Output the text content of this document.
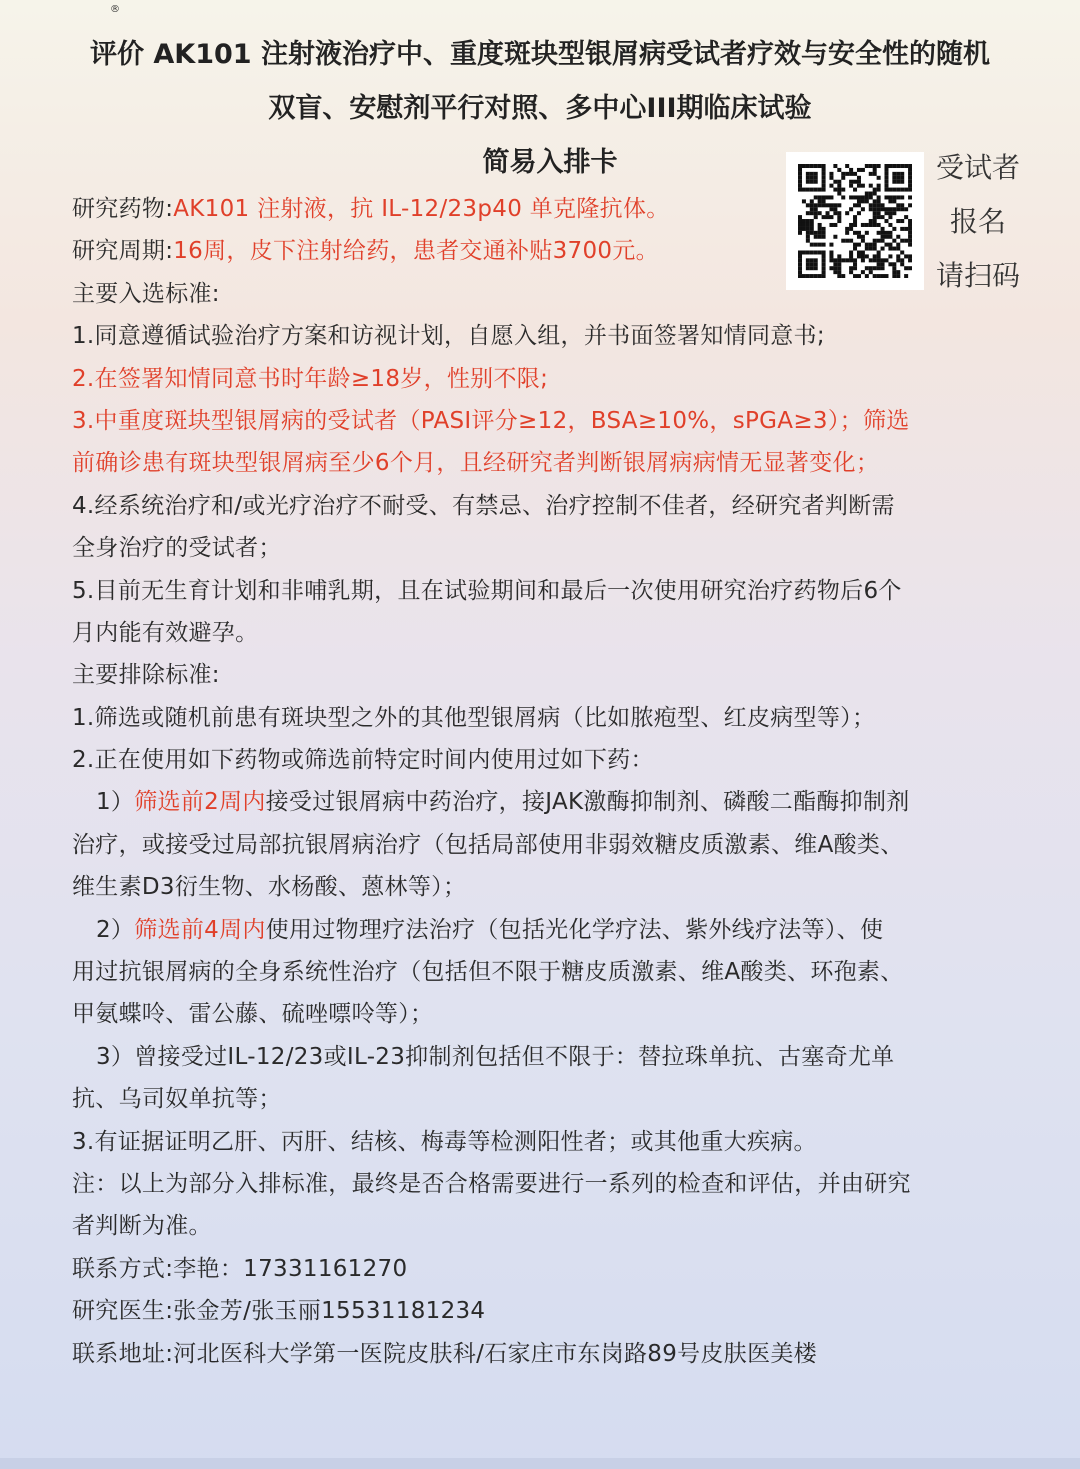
®
评价 AK101 注射液治疗中、重度斑块型银屑病受试者疗效与安全性的随机
双盲、安慰剂平行对照、多中心III期临床试验
简易入排卡	受试者
报名
请扫码
研究药物:AK101 注射液，抗 IL-12/23p40 单克隆抗体。
研究周期:16周，皮下注射给药，患者交通补贴3700元。
主要入选标准:
1.同意遵循试验治疗方案和访视计划，自愿入组，并书面签署知情同意书;
2.在签署知情同意书时年龄≥18岁，性别不限;
3.中重度斑块型银屑病的受试者（PASI评分≥12，BSA≥10%，sPGA≥3）；筛选
前确诊患有斑块型银屑病至少6个月，且经研究者判断银屑病病情无显著变化；
4.经系统治疗和/或光疗治疗不耐受、有禁忌、治疗控制不佳者，经研究者判断需
全身治疗的受试者；
5.目前无生育计划和非哺乳期，且在试验期间和最后一次使用研究治疗药物后6个
月内能有效避孕。
主要排除标准:
1.筛选或随机前患有斑块型之外的其他型银屑病（比如脓疱型、红皮病型等）；
2.正在使用如下药物或筛选前特定时间内使用过如下药：
1）筛选前2周内接受过银屑病中药治疗，接JAK激酶抑制剂、磷酸二酯酶抑制剂
治疗，或接受过局部抗银屑病治疗（包括局部使用非弱效糖皮质激素、维A酸类、
维生素D3衍生物、水杨酸、蒽林等）；
2）筛选前4周内使用过物理疗法治疗（包括光化学疗法、紫外线疗法等）、使
用过抗银屑病的全身系统性治疗（包括但不限于糖皮质激素、维A酸类、环孢素、
甲氨蝶呤、雷公藤、硫唑嘌呤等）；
3）曾接受过IL-12/23或IL-23抑制剂包括但不限于：替拉珠单抗、古塞奇尤单
抗、乌司奴单抗等；
3.有证据证明乙肝、丙肝、结核、梅毒等检测阳性者；或其他重大疾病。
注：以上为部分入排标准，最终是否合格需要进行一系列的检查和评估，并由研究
者判断为准。
联系方式:李艳：17331161270
研究医生:张金芳/张玉丽15531181234
联系地址:河北医科大学第一医院皮肤科/石家庄市东岗路89号皮肤医美楼
